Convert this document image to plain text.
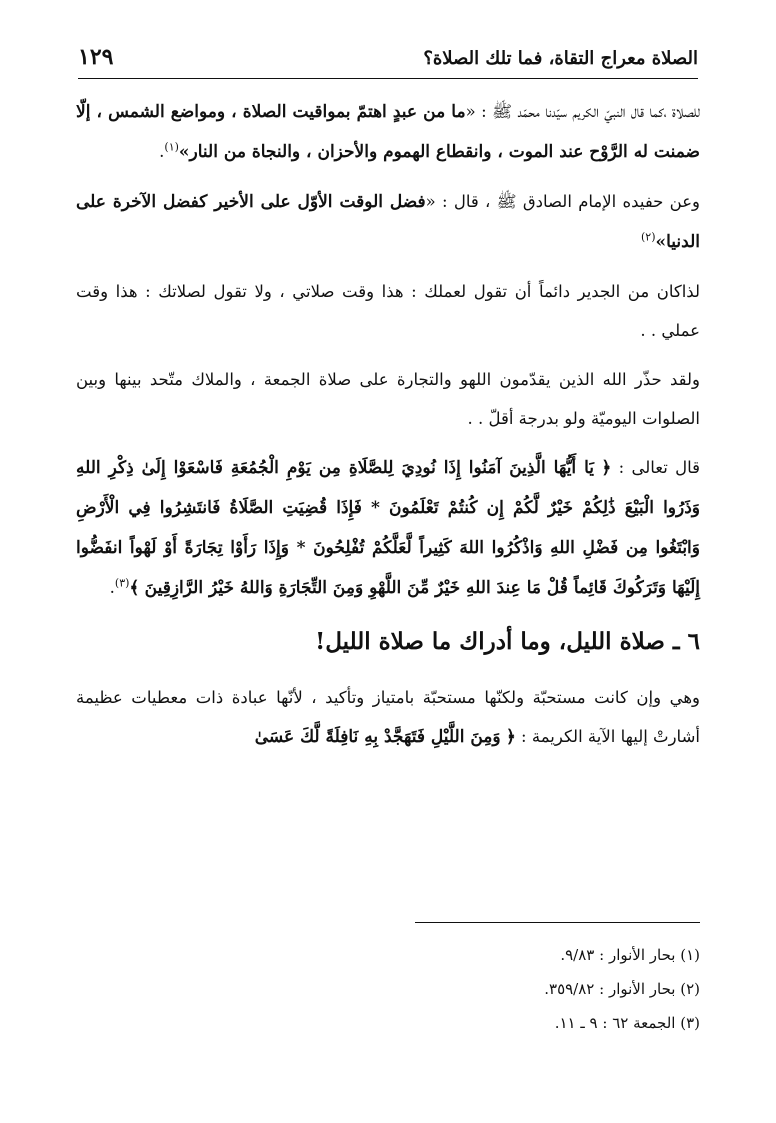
الصلاة معراج التقاة، فما تلك الصلاة؟
١٢٩

للصلاة ،كما قال النبيّ الكريم سيّدنا محمّد ﷺ : «ما من عبدٍ اهتمّ بمواقيت الصلاة ، ومواضع الشمس ، إلّا ضمنت له الرَّوْح عند الموت ، وانقطاع الهموم والأحزان ، والنجاة من النار»$^{(١)}$.

وعن حفيده الإمام الصادق ﷺ ، قال : «فضل الوقت الأوّل على الأخير كفضل الآخرة على الدنيا»$^{(٢)}$

لذاكان من الجدير دائماً أن تقول لعملك : هذا وقت صلاتي ، ولا تقول لصلاتك : هذا وقت عملي . .

ولقد حذّر الله الذين يقدّمون اللهو والتجارة على صلاة الجمعة ، والملاك متّحد بينها وبين الصلوات اليوميّة ولو بدرجة أقلّ . .

قال تعالى : ﴿ يَا أَيُّهَا الَّذِينَ آمَنُوا إِذَا نُودِيَ لِلصَّلَاةِ مِن يَوْمِ الْجُمُعَةِ فَاسْعَوْا إِلَىٰ ذِكْرِ اللهِ وَذَرُوا الْبَيْعَ ذَٰلِكُمْ خَيْرٌ لَّكُمْ إِن كُنتُمْ تَعْلَمُونَ * فَإِذَا قُضِيَتِ الصَّلَاةُ فَانتَشِرُوا فِي الْأَرْضِ وَابْتَغُوا مِن فَضْلِ اللهِ وَاذْكُرُوا اللهَ كَثِيراً لَّعَلَّكُمْ تُفْلِحُونَ * وَإِذَا رَأَوْا تِجَارَةً أَوْ لَهْواً انفَضُّوا إِلَيْهَا وَتَرَكُوكَ قَائِماً قُلْ مَا عِندَ اللهِ خَيْرٌ مِّنَ اللَّهْوِ وَمِنَ التِّجَارَةِ وَاللهُ خَيْرُ الرَّازِقِينَ ﴾$^{(٣)}$.

٦ ـ صلاة الليل، وما أدراك ما صلاة الليل!

وهي وإن كانت مستحبّة ولكنّها مستحبّة بامتياز وتأكيد ، لأنّها عبادة ذات معطيات عظيمة أشارتْ إليها الآية الكريمة : ﴿ وَمِنَ اللَّيْلِ فَتَهَجَّدْ بِهِ نَافِلَةً لَّكَ عَسَىٰ

(١) بحار الأنوار : ٩/٨٣.
(٢) بحار الأنوار : ٣٥٩/٨٢.
(٣) الجمعة ٦٢ : ٩ ـ ١١.
